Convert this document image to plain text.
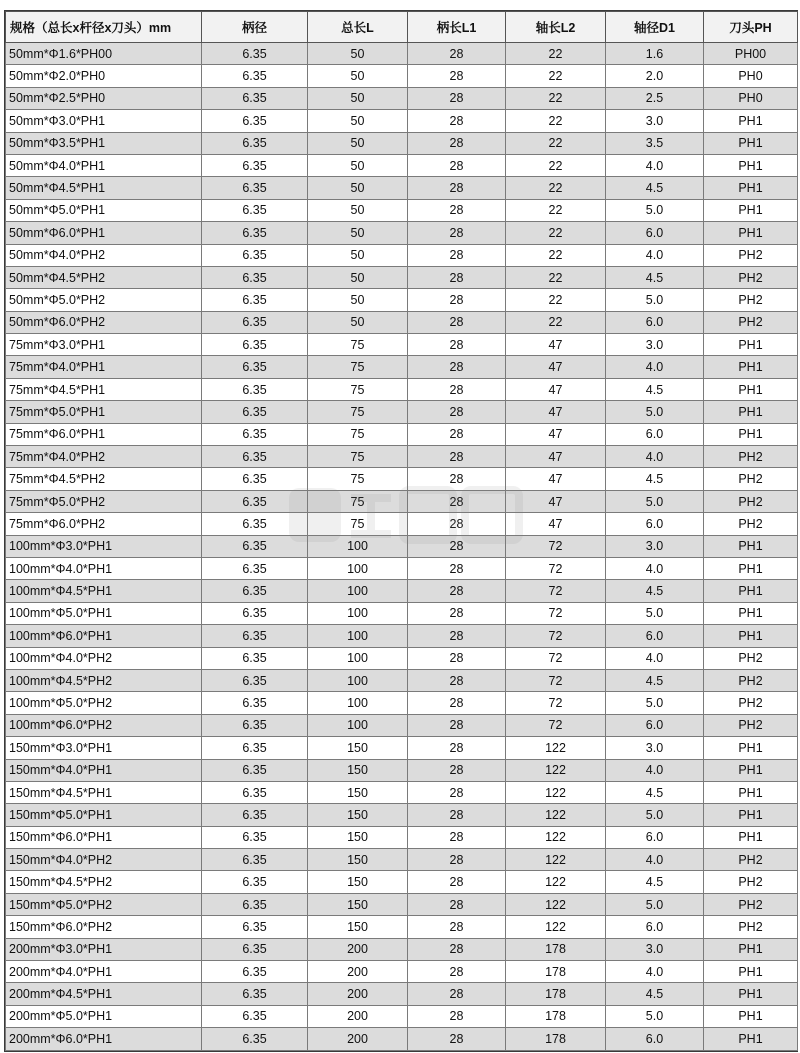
规格（总长x杆径x刀头）mm	柄径	总长L	柄长L1	轴长L2	轴径D1	刀头PH
50mm*Φ1.6*PH00	6.35	50	28	22	1.6	PH00
50mm*Φ2.0*PH0	6.35	50	28	22	2.0	PH0
50mm*Φ2.5*PH0	6.35	50	28	22	2.5	PH0
50mm*Φ3.0*PH1	6.35	50	28	22	3.0	PH1
50mm*Φ3.5*PH1	6.35	50	28	22	3.5	PH1
50mm*Φ4.0*PH1	6.35	50	28	22	4.0	PH1
50mm*Φ4.5*PH1	6.35	50	28	22	4.5	PH1
50mm*Φ5.0*PH1	6.35	50	28	22	5.0	PH1
50mm*Φ6.0*PH1	6.35	50	28	22	6.0	PH1
50mm*Φ4.0*PH2	6.35	50	28	22	4.0	PH2
50mm*Φ4.5*PH2	6.35	50	28	22	4.5	PH2
50mm*Φ5.0*PH2	6.35	50	28	22	5.0	PH2
50mm*Φ6.0*PH2	6.35	50	28	22	6.0	PH2
75mm*Φ3.0*PH1	6.35	75	28	47	3.0	PH1
75mm*Φ4.0*PH1	6.35	75	28	47	4.0	PH1
75mm*Φ4.5*PH1	6.35	75	28	47	4.5	PH1
75mm*Φ5.0*PH1	6.35	75	28	47	5.0	PH1
75mm*Φ6.0*PH1	6.35	75	28	47	6.0	PH1
75mm*Φ4.0*PH2	6.35	75	28	47	4.0	PH2
75mm*Φ4.5*PH2	6.35	75	28	47	4.5	PH2
75mm*Φ5.0*PH2	6.35	75	28	47	5.0	PH2
75mm*Φ6.0*PH2	6.35	75	28	47	6.0	PH2
100mm*Φ3.0*PH1	6.35	100	28	72	3.0	PH1
100mm*Φ4.0*PH1	6.35	100	28	72	4.0	PH1
100mm*Φ4.5*PH1	6.35	100	28	72	4.5	PH1
100mm*Φ5.0*PH1	6.35	100	28	72	5.0	PH1
100mm*Φ6.0*PH1	6.35	100	28	72	6.0	PH1
100mm*Φ4.0*PH2	6.35	100	28	72	4.0	PH2
100mm*Φ4.5*PH2	6.35	100	28	72	4.5	PH2
100mm*Φ5.0*PH2	6.35	100	28	72	5.0	PH2
100mm*Φ6.0*PH2	6.35	100	28	72	6.0	PH2
150mm*Φ3.0*PH1	6.35	150	28	122	3.0	PH1
150mm*Φ4.0*PH1	6.35	150	28	122	4.0	PH1
150mm*Φ4.5*PH1	6.35	150	28	122	4.5	PH1
150mm*Φ5.0*PH1	6.35	150	28	122	5.0	PH1
150mm*Φ6.0*PH1	6.35	150	28	122	6.0	PH1
150mm*Φ4.0*PH2	6.35	150	28	122	4.0	PH2
150mm*Φ4.5*PH2	6.35	150	28	122	4.5	PH2
150mm*Φ5.0*PH2	6.35	150	28	122	5.0	PH2
150mm*Φ6.0*PH2	6.35	150	28	122	6.0	PH2
200mm*Φ3.0*PH1	6.35	200	28	178	3.0	PH1
200mm*Φ4.0*PH1	6.35	200	28	178	4.0	PH1
200mm*Φ4.5*PH1	6.35	200	28	178	4.5	PH1
200mm*Φ5.0*PH1	6.35	200	28	178	5.0	PH1
200mm*Φ6.0*PH1	6.35	200	28	178	6.0	PH1
